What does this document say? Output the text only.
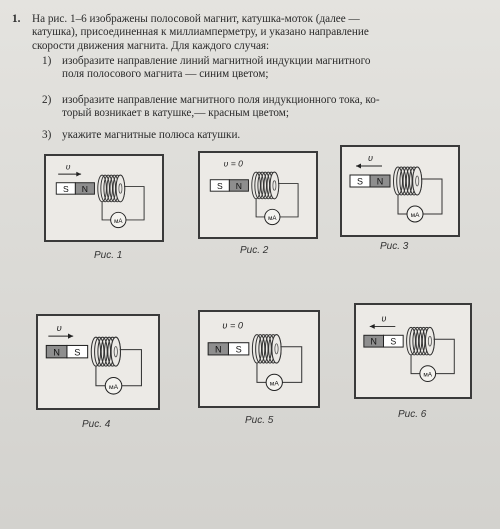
1. На рис. 1–6 изображены полосовой магнит, катушка-моток (далее —
катушка), присоединенная к миллиамперметру, и указано направление
скорости движения магнита. Для каждого случая:
1) изобразите направление линий магнитной индукции магнитного
поля полосового магнита — синим цветом;
2) изобразите направление магнитного поля индукционного тока, ко-
торый возникает в катушке,— красным цветом;
3) укажите магнитные полюса катушки.
υ
S N
мА
υ = 0
S N
мА
υ
S N
мА
υ
N S
мА
υ = 0
N S
мА
υ
N S
мА
Рис. 1	Рис. 2	Рис. 3
Рис. 4	Рис. 5
Рис. 6
